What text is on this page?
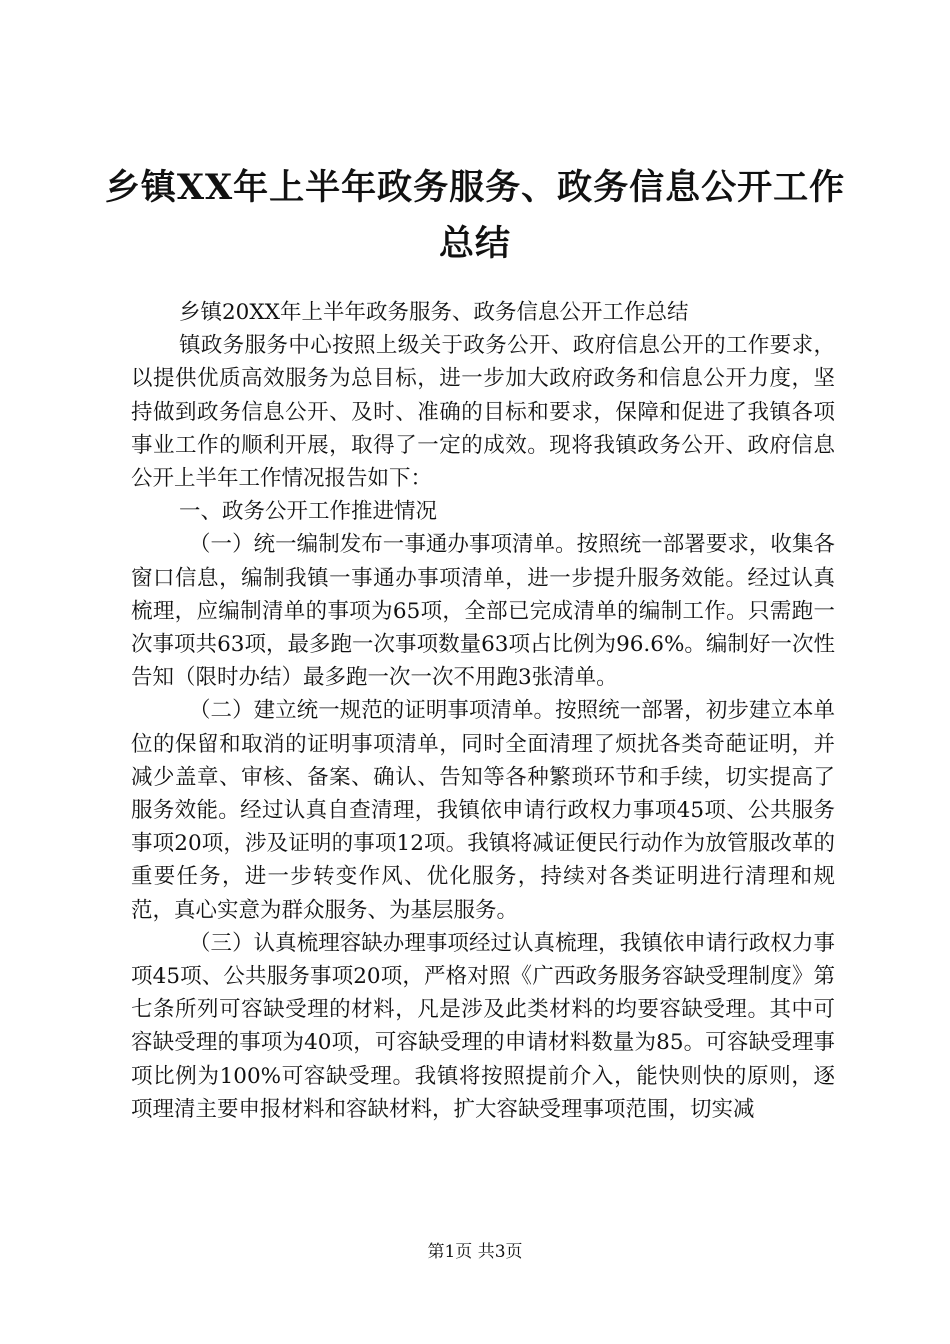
乡镇XX年上半年政务服务、政务信息公开工作总结

乡镇20XX年上半年政务服务、政务信息公开工作总结

镇政务服务中心按照上级关于政务公开、政府信息公开的工作要求，以提供优质高效服务为总目标，进一步加大政府政务和信息公开力度，坚持做到政务信息公开、及时、准确的目标和要求，保障和促进了我镇各项事业工作的顺利开展，取得了一定的成效。现将我镇政务公开、政府信息公开上半年工作情况报告如下：

一、政务公开工作推进情况

（一）统一编制发布一事通办事项清单。按照统一部署要求，收集各窗口信息，编制我镇一事通办事项清单，进一步提升服务效能。经过认真梳理，应编制清单的事项为65项，全部已完成清单的编制工作。只需跑一次事项共63项，最多跑一次事项数量63项占比例为96.6%。编制好一次性告知（限时办结）最多跑一次一次不用跑3张清单。

（二）建立统一规范的证明事项清单。按照统一部署，初步建立本单位的保留和取消的证明事项清单，同时全面清理了烦扰各类奇葩证明，并减少盖章、审核、备案、确认、告知等各种繁琐环节和手续，切实提高了服务效能。经过认真自查清理，我镇依申请行政权力事项45项、公共服务事项20项，涉及证明的事项12项。我镇将减证便民行动作为放管服改革的重要任务，进一步转变作风、优化服务，持续对各类证明进行清理和规范，真心实意为群众服务、为基层服务。

（三）认真梳理容缺办理事项经过认真梳理，我镇依申请行政权力事项45项、公共服务事项20项，严格对照《广西政务服务容缺受理制度》第七条所列可容缺受理的材料，凡是涉及此类材料的均要容缺受理。其中可容缺受理的事项为40项，可容缺受理的申请材料数量为85。可容缺受理事项比例为100%可容缺受理。我镇将按照提前介入，能快则快的原则，逐项理清主要申报材料和容缺材料，扩大容缺受理事项范围，切实减

第1页 共3页
